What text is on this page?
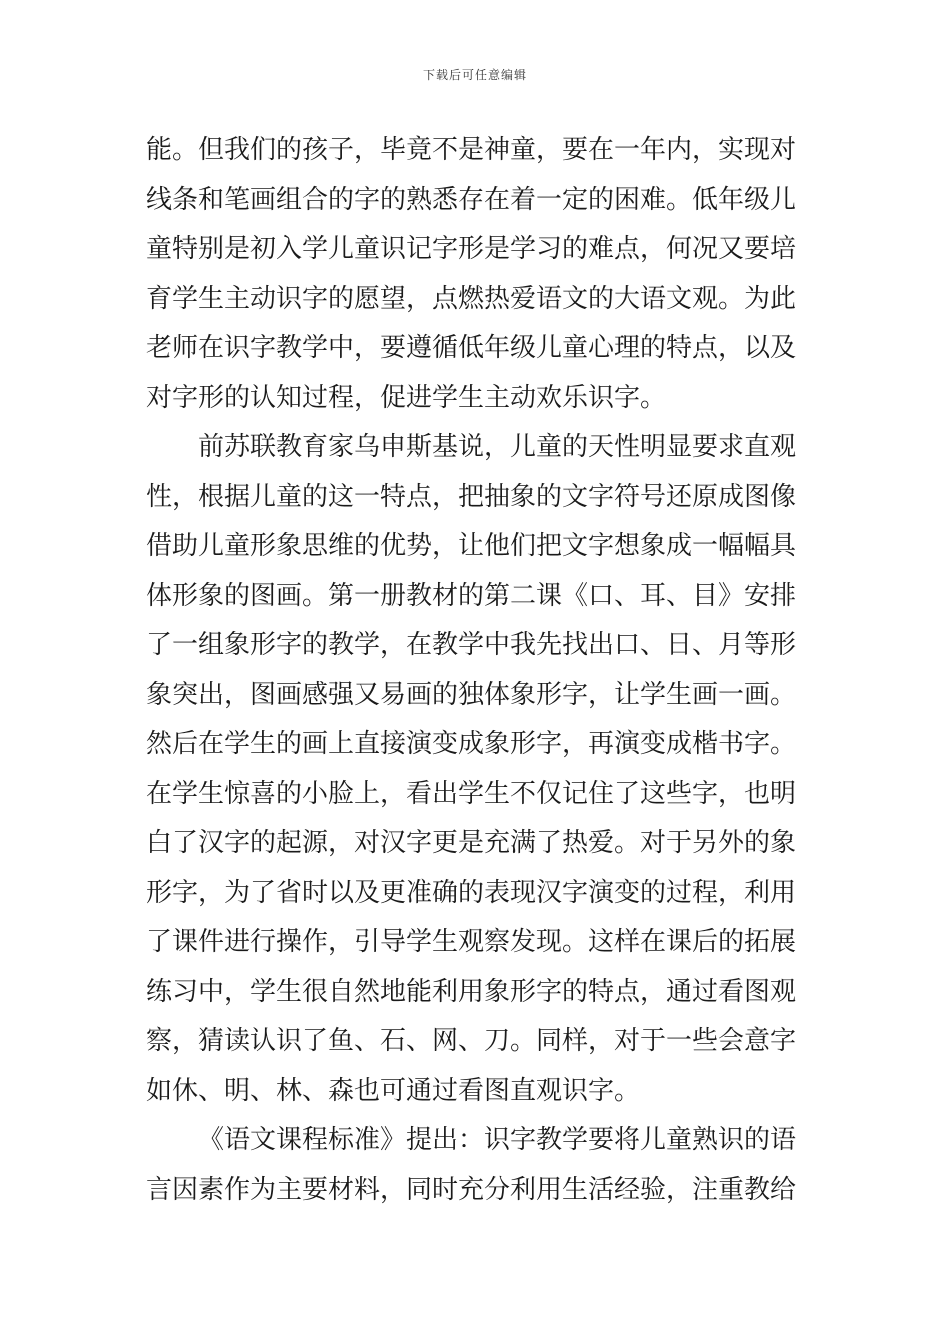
下载后可任意编辑
能。但我们的孩子，毕竟不是神童，要在一年内，实现对
线条和笔画组合的字的熟悉存在着一定的困难。低年级儿
童特别是初入学儿童识记字形是学习的难点，何况又要培
育学生主动识字的愿望，点燃热爱语文的大语文观。为此
老师在识字教学中，要遵循低年级儿童心理的特点，以及
对字形的认知过程，促进学生主动欢乐识字。
前苏联教育家乌申斯基说，儿童的天性明显要求直观
性，根据儿童的这一特点，把抽象的文字符号还原成图像
借助儿童形象思维的优势，让他们把文字想象成一幅幅具
体形象的图画。第一册教材的第二课《口、耳、目》安排
了一组象形字的教学，在教学中我先找出口、日、月等形
象突出，图画感强又易画的独体象形字，让学生画一画。
然后在学生的画上直接演变成象形字，再演变成楷书字。
在学生惊喜的小脸上，看出学生不仅记住了这些字，也明
白了汉字的起源，对汉字更是充满了热爱。对于另外的象
形字，为了省时以及更准确的表现汉字演变的过程，利用
了课件进行操作，引导学生观察发现。这样在课后的拓展
练习中，学生很自然地能利用象形字的特点，通过看图观
察，猜读认识了鱼、石、网、刀。同样，对于一些会意字
如休、明、林、森也可通过看图直观识字。
《语文课程标准》提出：识字教学要将儿童熟识的语
言因素作为主要材料，同时充分利用生活经验，注重教给
